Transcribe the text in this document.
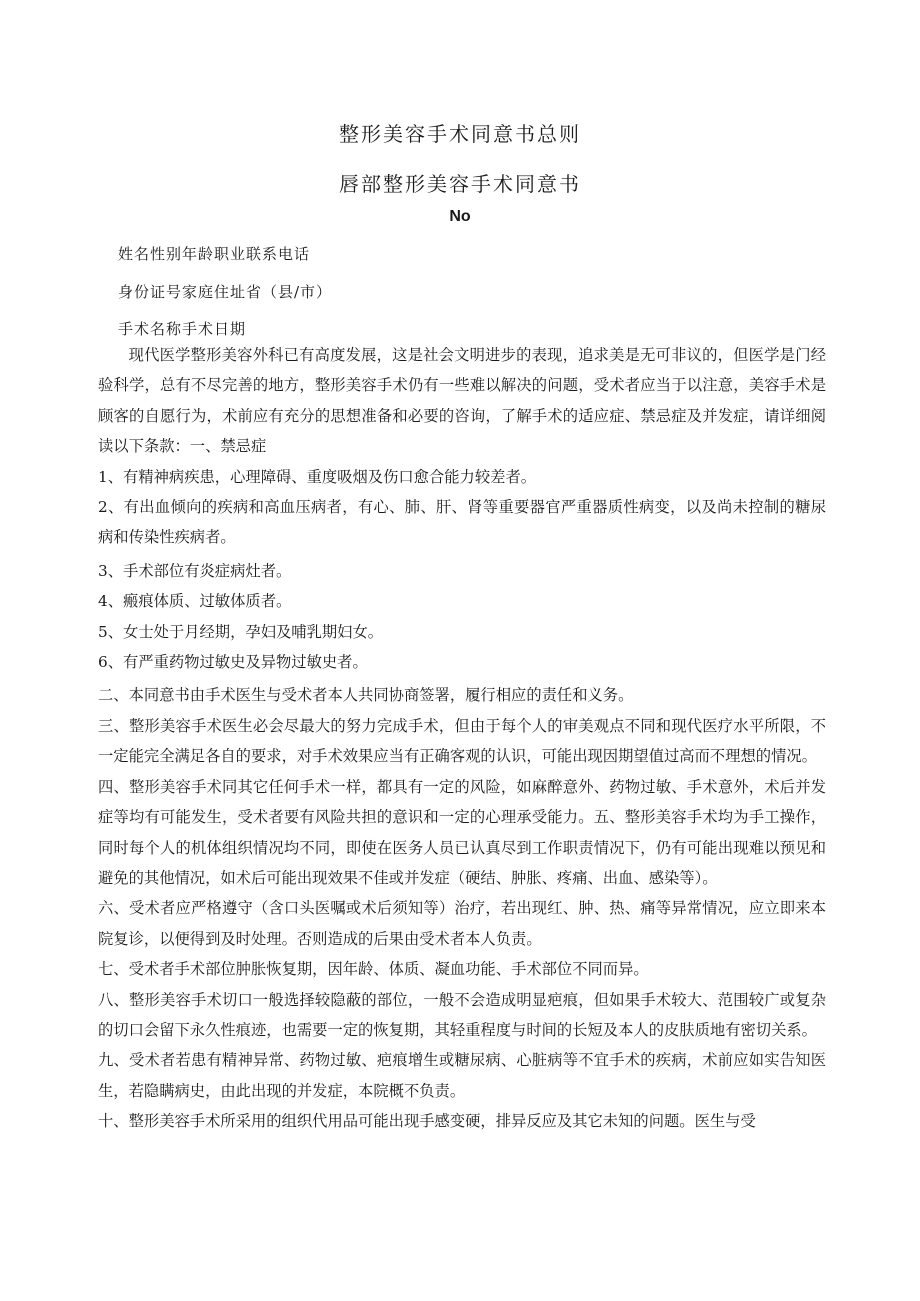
整形美容手术同意书总则
唇部整形美容手术同意书
No
姓名性别年龄职业联系电话
身份证号家庭住址省（县/市）
手术名称手术日期

现代医学整形美容外科已有高度发展，这是社会文明进步的表现，追求美是无可非议的，但医学是门经验科学，总有不尽完善的地方，整形美容手术仍有一些难以解决的问题，受术者应当于以注意，美容手术是顾客的自愿行为，术前应有充分的思想准备和必要的咨询，了解手术的适应症、禁忌症及并发症，请详细阅读以下条款：一、禁忌症

1、有精神病疾患，心理障碍、重度吸烟及伤口愈合能力较差者。

2、有出血倾向的疾病和高血压病者，有心、肺、肝、肾等重要器官严重器质性病变，以及尚未控制的糖尿病和传染性疾病者。

3、手术部位有炎症病灶者。

4、瘢痕体质、过敏体质者。

5、女士处于月经期，孕妇及哺乳期妇女。

6、有严重药物过敏史及异物过敏史者。

二、本同意书由手术医生与受术者本人共同协商签署，履行相应的责任和义务。

三、整形美容手术医生必会尽最大的努力完成手术，但由于每个人的审美观点不同和现代医疗水平所限，不一定能完全满足各自的要求，对手术效果应当有正确客观的认识，可能出现因期望值过高而不理想的情况。

四、整形美容手术同其它任何手术一样，都具有一定的风险，如麻醉意外、药物过敏、手术意外，术后并发症等均有可能发生，受术者要有风险共担的意识和一定的心理承受能力。五、整形美容手术均为手工操作，同时每个人的机体组织情况均不同，即使在医务人员已认真尽到工作职责情况下，仍有可能出现难以预见和避免的其他情况，如术后可能出现效果不佳或并发症（硬结、肿胀、疼痛、出血、感染等）。

六、受术者应严格遵守（含口头医嘱或术后须知等）治疗，若出现红、肿、热、痛等异常情况，应立即来本院复诊，以便得到及时处理。否则造成的后果由受术者本人负责。

七、受术者手术部位肿胀恢复期，因年龄、体质、凝血功能、手术部位不同而异。

八、整形美容手术切口一般选择较隐蔽的部位，一般不会造成明显疤痕，但如果手术较大、范围较广或复杂的切口会留下永久性痕迹，也需要一定的恢复期，其轻重程度与时间的长短及本人的皮肤质地有密切关系。

九、受术者若患有精神异常、药物过敏、疤痕增生或糖尿病、心脏病等不宜手术的疾病，术前应如实告知医生，若隐瞒病史，由此出现的并发症，本院概不负责。

十、整形美容手术所采用的组织代用品可能出现手感变硬，排异反应及其它未知的问题。医生与受
